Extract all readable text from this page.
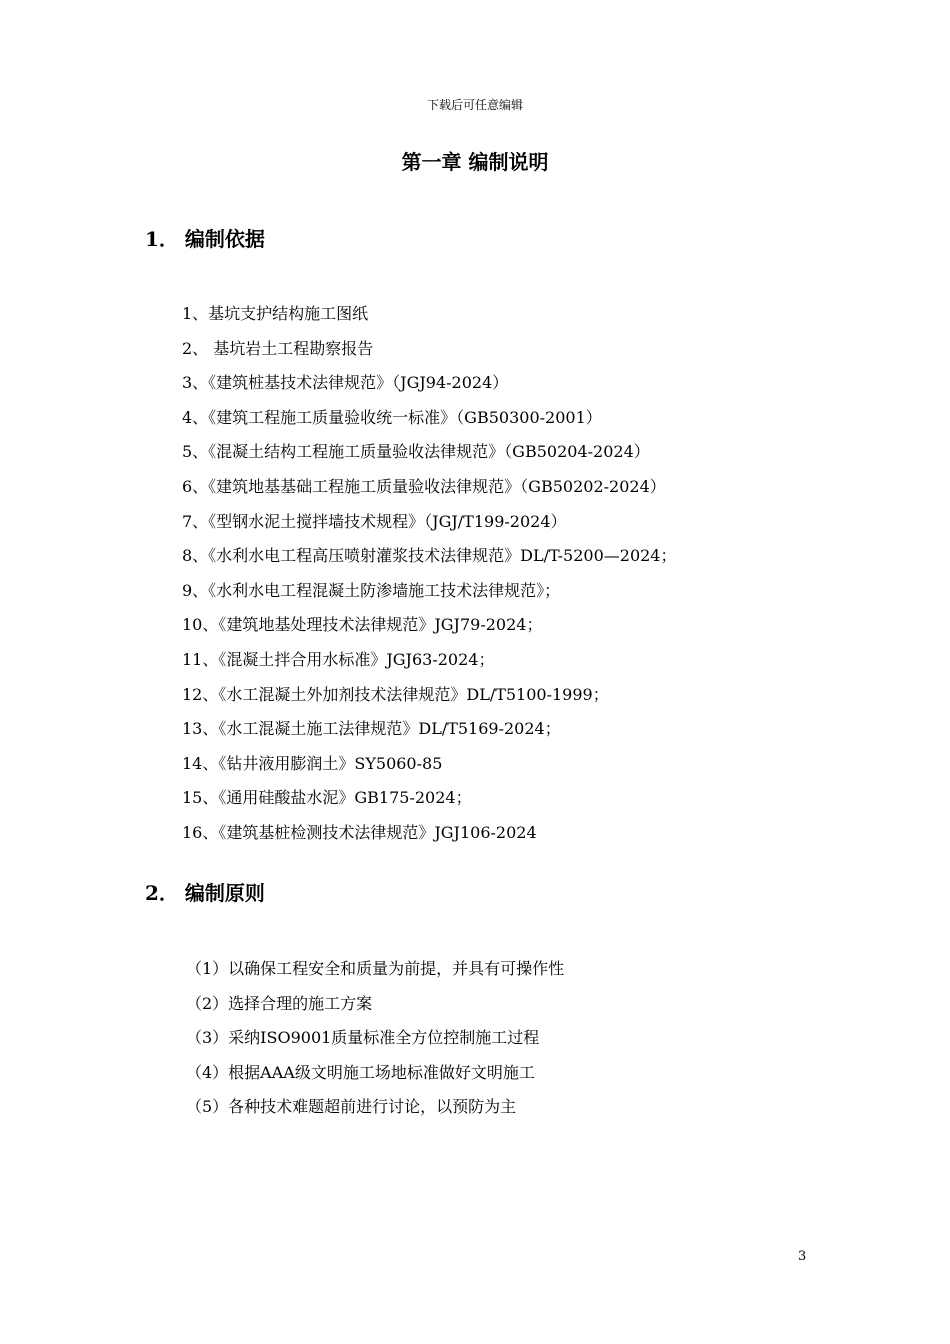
下载后可任意编辑
第一章 编制说明
1． 编制依据
1、基坑支护结构施工图纸
2、 基坑岩土工程勘察报告
3、《建筑桩基技术法律规范》（JGJ94-2024）
4、《建筑工程施工质量验收统一标准》（GB50300-2001）
5、《混凝土结构工程施工质量验收法律规范》（GB50204-2024）
6、《建筑地基基础工程施工质量验收法律规范》（GB50202-2024）
7、《型钢水泥土搅拌墙技术规程》（JGJ/T199-2024）
8、《水利水电工程高压喷射灌浆技术法律规范》DL/T-5200—2024；
9、《水利水电工程混凝土防渗墙施工技术法律规范》；
10、《建筑地基处理技术法律规范》JGJ79-2024；
11、《混凝土拌合用水标准》JGJ63-2024；
12、《水工混凝土外加剂技术法律规范》DL/T5100-1999；
13、《水工混凝土施工法律规范》DL/T5169-2024；
14、《钻井液用膨润土》SY5060-85
15、《通用硅酸盐水泥》GB175-2024；
16、《建筑基桩检测技术法律规范》JGJ106-2024
2． 编制原则
（1）以确保工程安全和质量为前提，并具有可操作性
（2）选择合理的施工方案
（3）采纳ISO9001质量标准全方位控制施工过程
（4）根据AAA级文明施工场地标准做好文明施工
（5）各种技术难题超前进行讨论，以预防为主
3
